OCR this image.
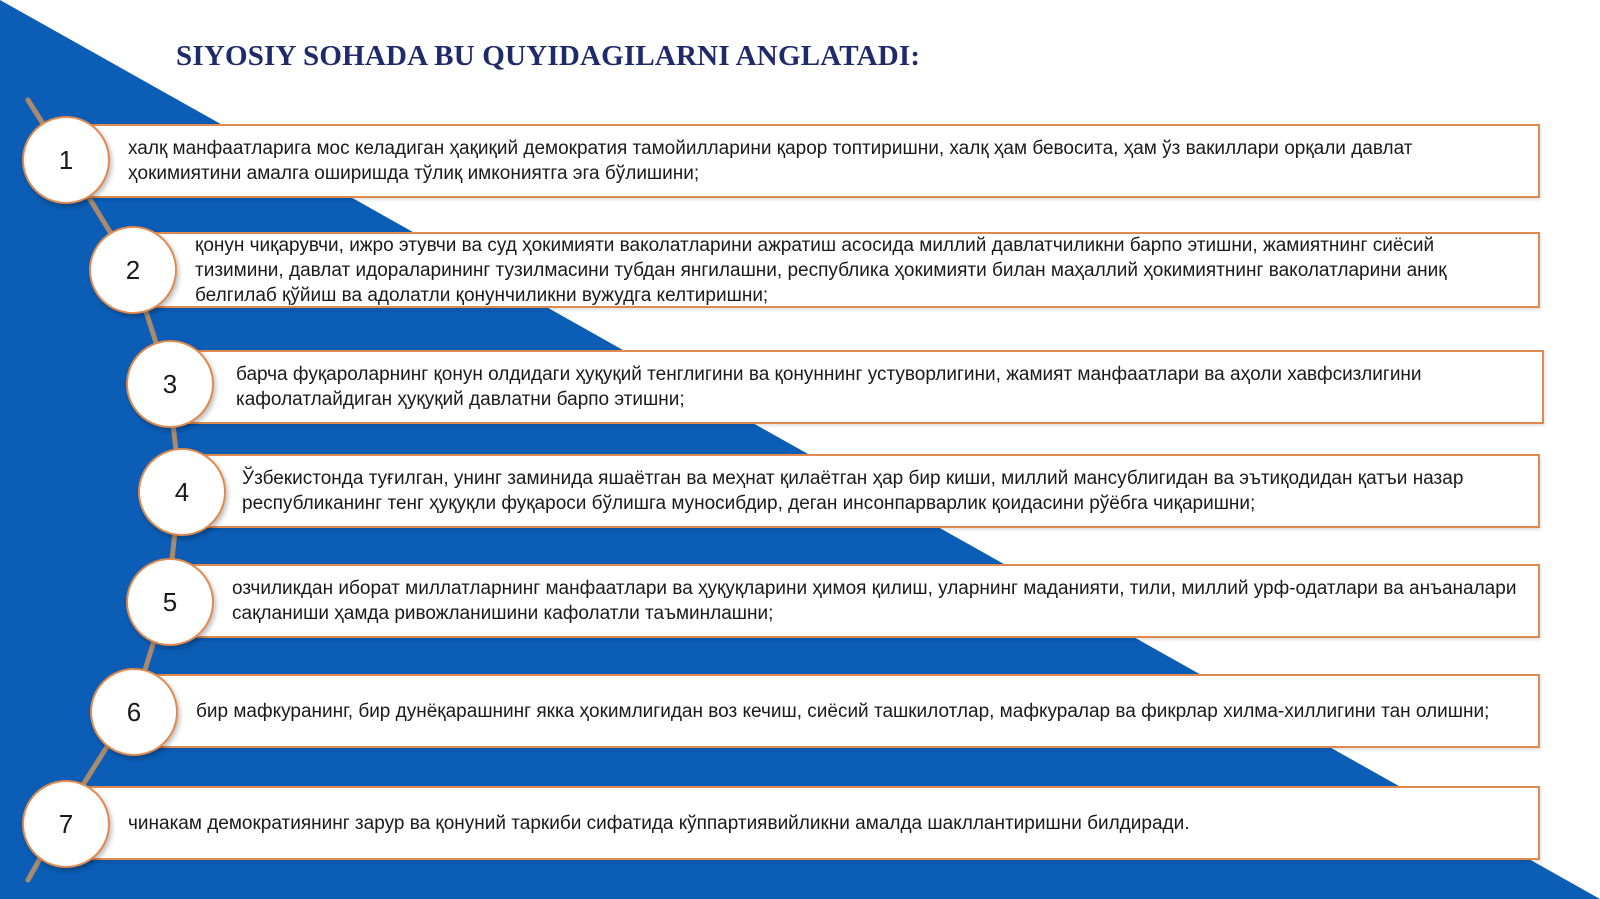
SIYOSIY SOHADA BU QUYIDAGILARNI ANGLATADI:
халқ манфаатларига мос келадиган ҳақиқий демократия тамойилларини қарор топтиришни, халқ ҳам бевосита, ҳам ўз вакиллари орқали давлат ҳокимиятини амалга оширишда тўлиқ имкониятга эга бўлишини;
1
қонун чиқарувчи, ижро этувчи ва суд ҳокимияти ваколатларини ажратиш асосида миллий давлатчиликни барпо этишни, жамиятнинг сиёсий тизимини, давлат идораларининг тузилмасини тубдан янгилашни, республика ҳокимияти билан маҳаллий ҳокимиятнинг ваколатларини аниқ белгилаб қўйиш ва адолатли қонунчиликни вужудга келтиришни;
2
барча фуқароларнинг қонун олдидаги ҳуқуқий тенглигини ва қонуннинг устуворлигини, жамият манфаатлари ва аҳоли хавфсизлигини кафолатлайдиган ҳуқуқий давлатни барпо этишни;
3
Ўзбекистонда туғилган, унинг заминида яшаётган ва меҳнат қилаётган ҳар бир киши, миллий мансублигидан ва эътиқодидан қатъи назар республиканинг тенг ҳуқуқли фуқароси бўлишга муносибдир, деган инсонпарварлик қоидасини рўёбга чиқаришни;
4
озчиликдан иборат миллатларнинг манфаатлари ва ҳуқуқларини ҳимоя қилиш, уларнинг маданияти, тили, миллий урф-одатлари ва анъаналари сақланиши ҳамда ривожланишини кафолатли таъминлашни;
5
бир мафкуранинг, бир дунёқарашнинг якка ҳокимлигидан воз кечиш, сиёсий ташкилотлар, мафкуралар ва фикрлар хилма-хиллигини тан олишни;
6
чинакам демократиянинг зарур ва қонуний таркиби сифатида кўппартиявийликни амалда шакллантиришни билдиради.
7
